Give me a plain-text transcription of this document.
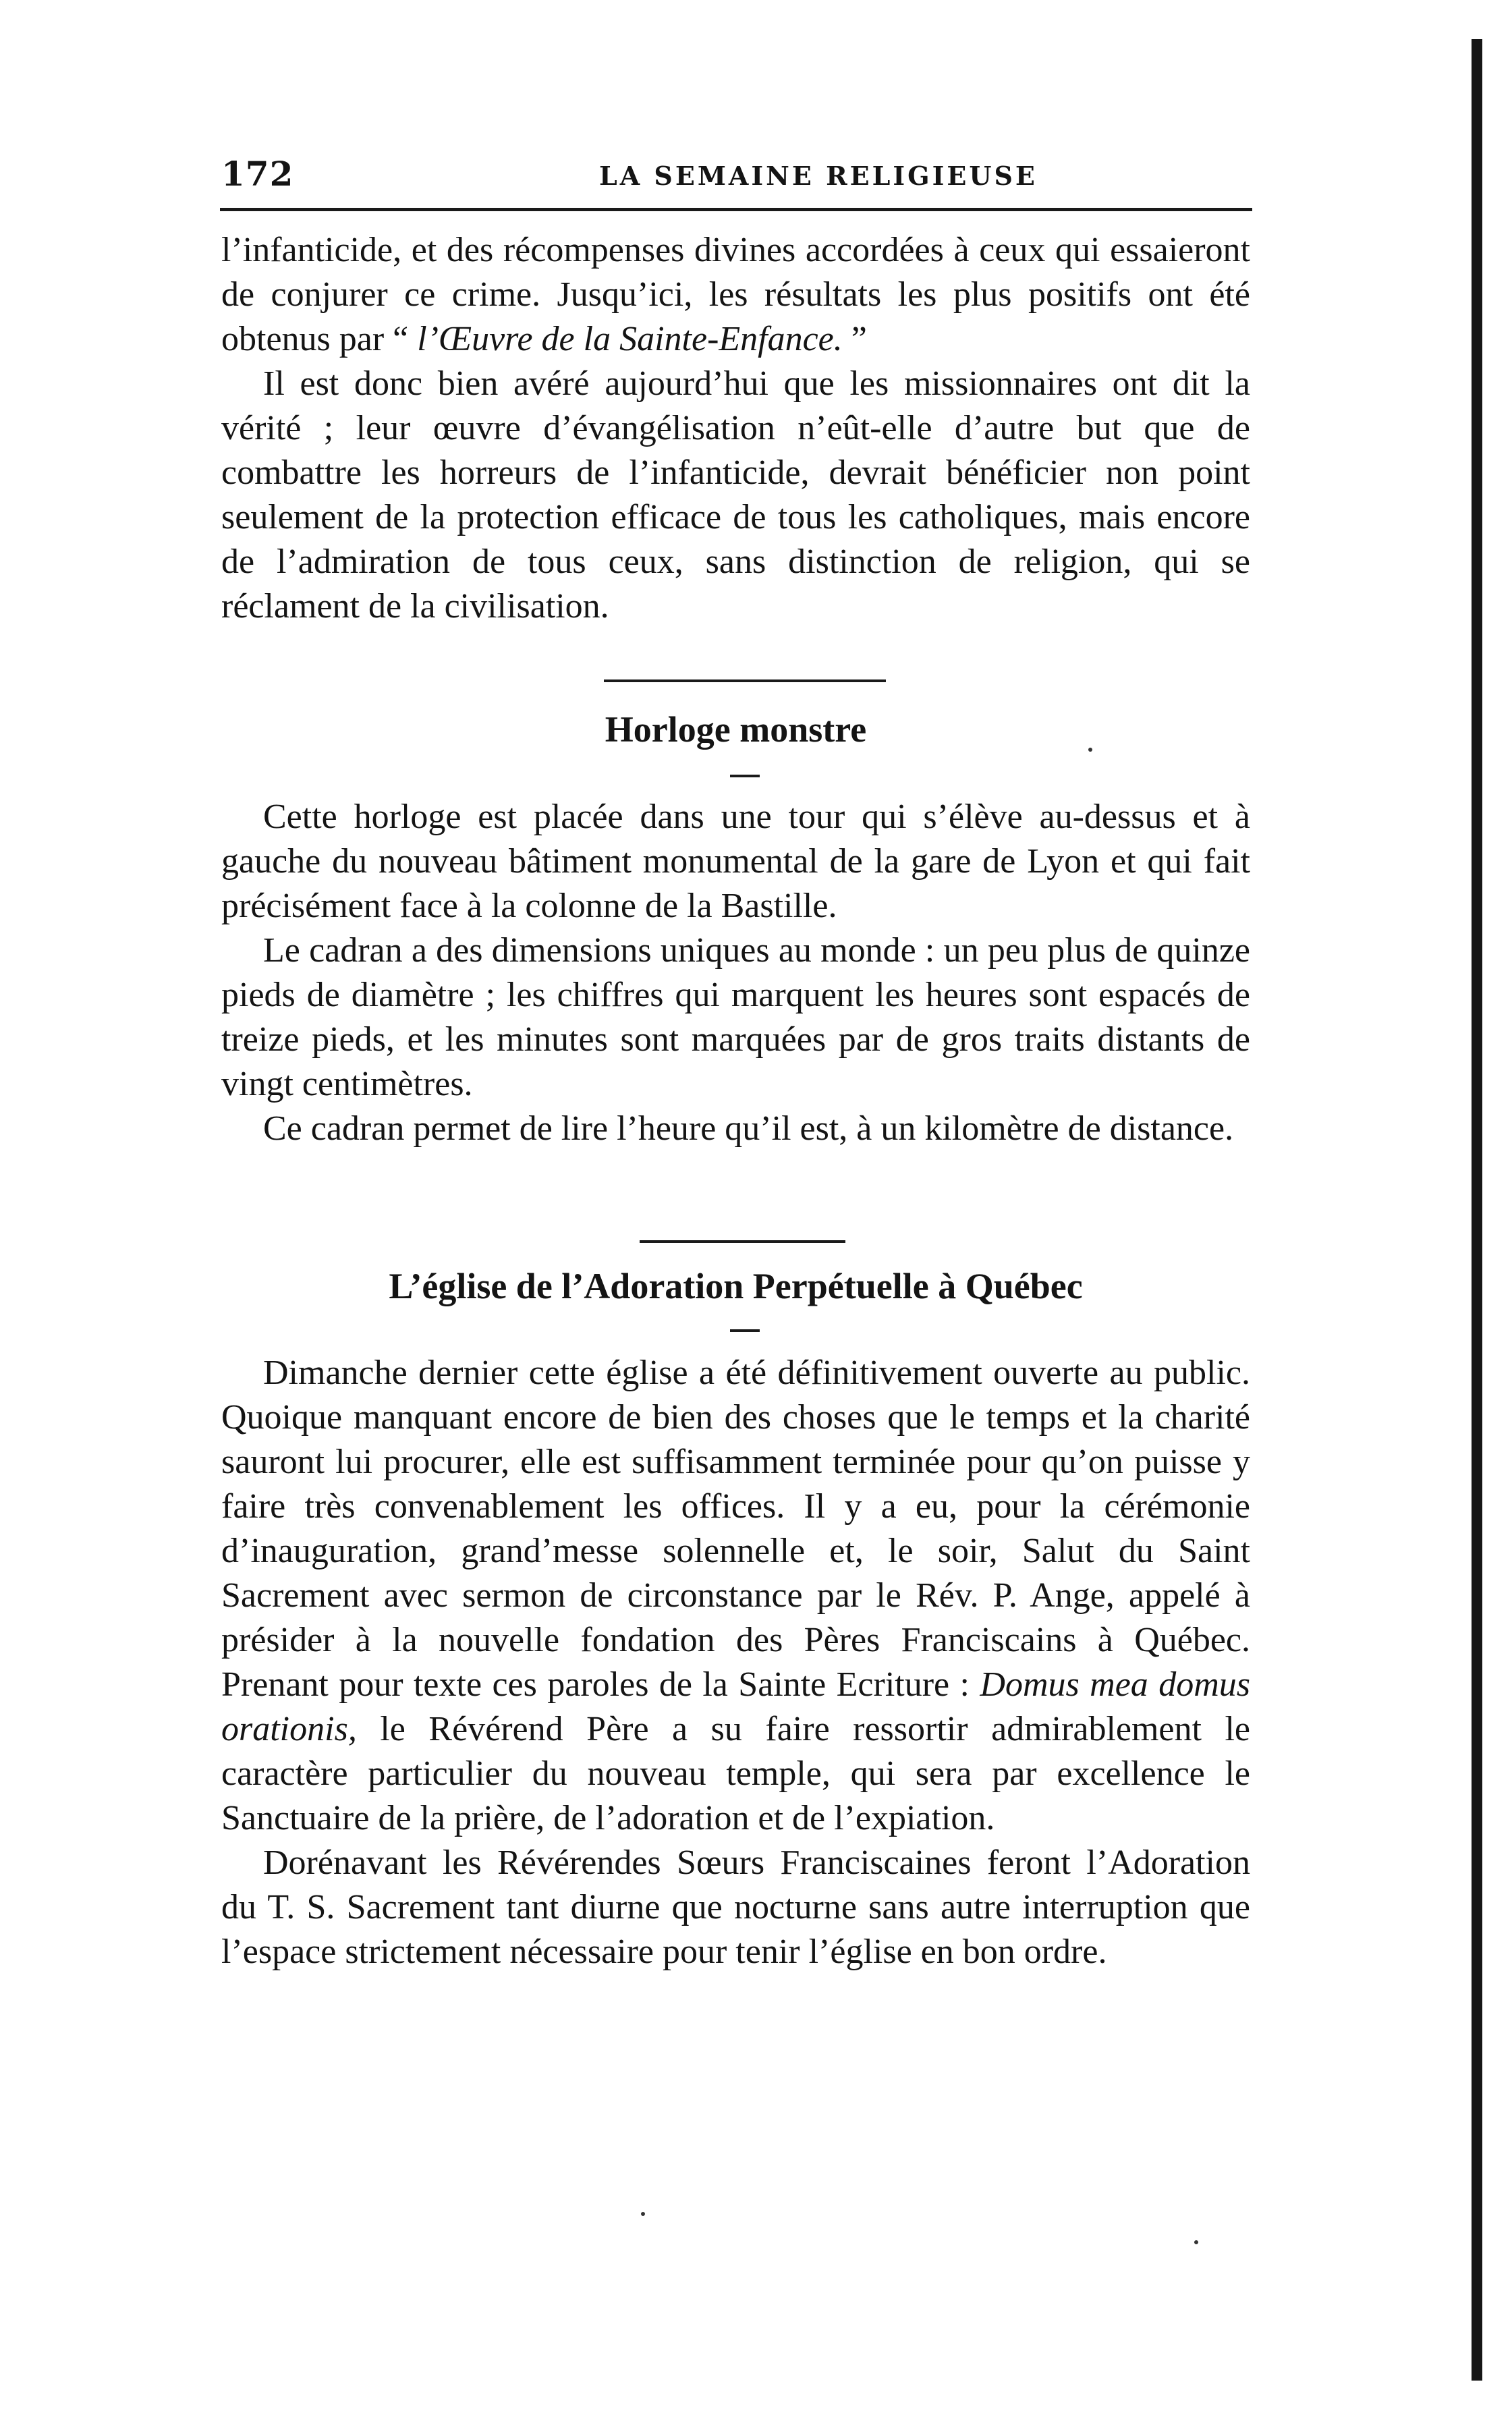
172	LA SEMAINE RELIGIEUSE

l’infanticide, et des récompenses divines accordées à ceux qui essaieront de conjurer ce crime. Jusqu’ici, les résultats les plus positifs ont été obtenus par “ l’Œuvre de la Sainte-Enfance. ”

Il est donc bien avéré aujourd’hui que les missionnaires ont dit la vérité ; leur œuvre d’évangélisation n’eût-elle d’autre but que de combattre les horreurs de l’infanticide, devrait bénéficier non point seulement de la protection efficace de tous les catholiques, mais encore de l’admiration de tous ceux, sans distinction de religion, qui se réclament de la civilisation.

Horloge monstre

Cette horloge est placée dans une tour qui s’élève au-dessus et à gauche du nouveau bâtiment monumental de la gare de Lyon et qui fait précisément face à la colonne de la Bastille.

Le cadran a des dimensions uniques au monde : un peu plus de quinze pieds de diamètre ; les chiffres qui marquent les heures sont espacés de treize pieds, et les minutes sont marquées par de gros traits distants de vingt centimètres.

Ce cadran permet de lire l’heure qu’il est, à un kilomètre de distance.

L’église de l’Adoration Perpétuelle à Québec

Dimanche dernier cette église a été définitivement ouverte au public. Quoique manquant encore de bien des choses que le temps et la charité sauront lui procurer, elle est suffisamment terminée pour qu’on puisse y faire très convenablement les offices. Il y a eu, pour la cérémonie d’inauguration, grand’messe solennelle et, le soir, Salut du Saint Sacrement avec sermon de circonstance par le Rév. P. Ange, appelé à présider à la nouvelle fondation des Pères Franciscains à Québec. Prenant pour texte ces paroles de la Sainte Ecriture : Domus mea domus orationis, le Révérend Père a su faire ressortir admirablement le caractère particulier du nouveau temple, qui sera par excellence le Sanctuaire de la prière, de l’adoration et de l’expiation.

Dorénavant les Révérendes Sœurs Franciscaines feront l’Adoration du T. S. Sacrement tant diurne que nocturne sans autre interruption que l’espace strictement nécessaire pour tenir l’église en bon ordre.
